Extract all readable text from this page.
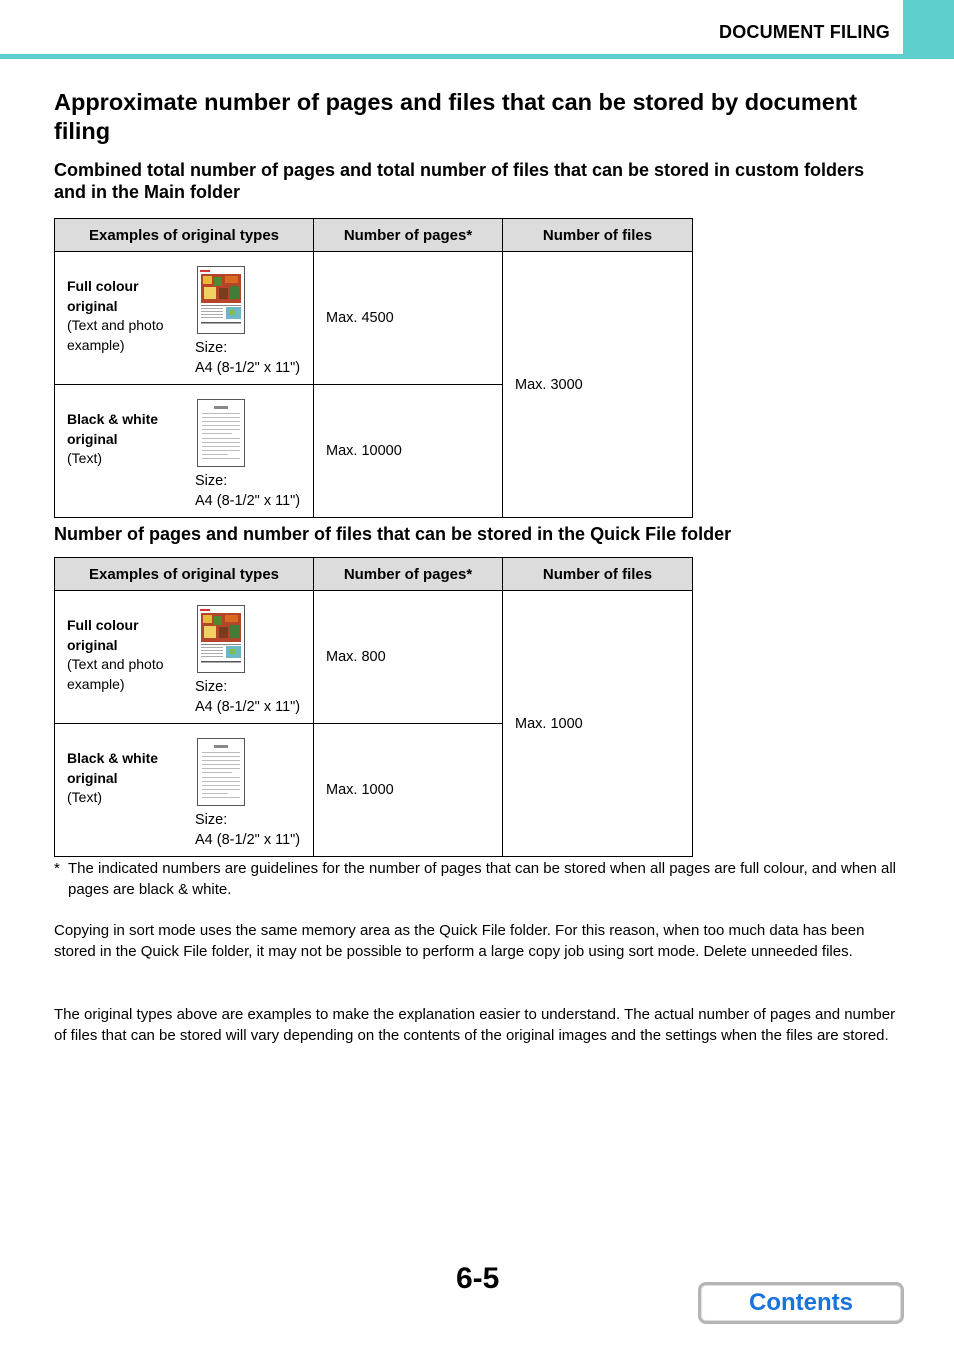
DOCUMENT FILING
Approximate number of pages and files that can be stored by document filing
Combined total number of pages and total number of files that can be stored in custom folders and in the Main folder
Examples of original types	Number of pages*	Number of files

Full colour original
(Text and photo example) Size:
A4 (8-1/2" x 11")	Max. 4500	Max. 3000

Black & white original
(Text)
Size:
A4 (8-1/2" x 11")	Max. 10000	
Number of pages and number of files that can be stored in the Quick File folder
Examples of original types	Number of pages*	Number of files

Full colour original
(Text and photo example) Size:
A4 (8-1/2" x 11")	Max. 800	Max. 1000

Black & white original
(Text)
Size:
A4 (8-1/2" x 11")	Max. 1000	
* The indicated numbers are guidelines for the number of pages that can be stored when all pages are full colour, and when all pages are black & white.
Copying in sort mode uses the same memory area as the Quick File folder. For this reason, when too much data has been stored in the Quick File folder, it may not be possible to perform a large copy job using sort mode. Delete unneeded files.
The original types above are examples to make the explanation easier to understand. The actual number of pages and number of files that can be stored will vary depending on the contents of the original images and the settings when the files are stored.
6-5
Contents
